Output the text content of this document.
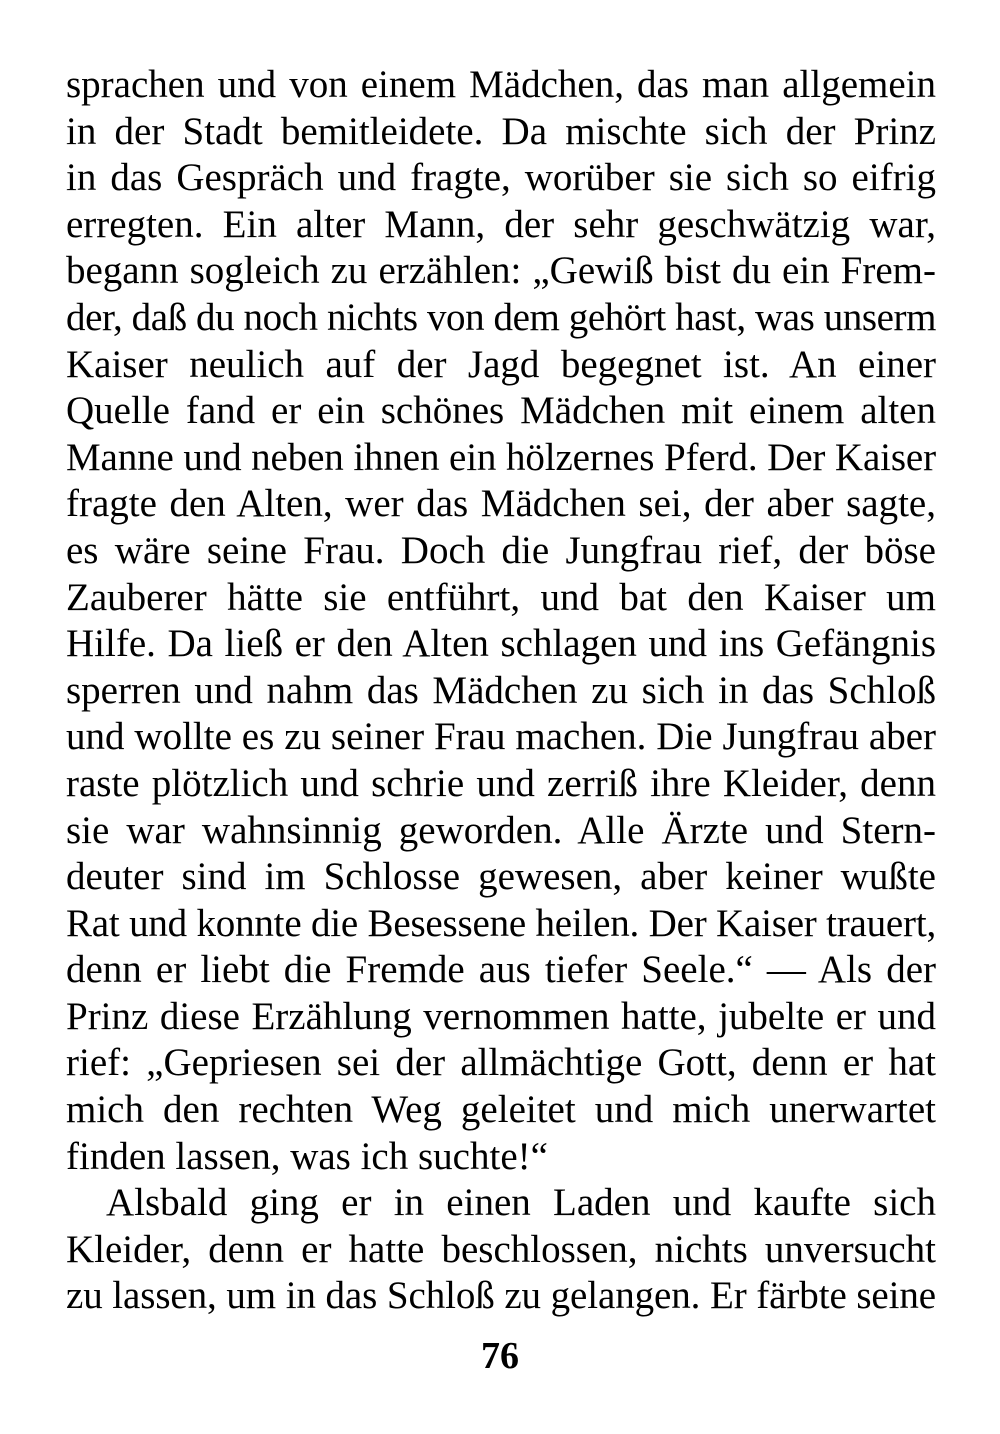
sprachen und von einem Mädchen, das man allgemein
in der Stadt bemitleidete. Da mischte sich der Prinz
in das Gespräch und fragte, worüber sie sich so eifrig
erregten. Ein alter Mann, der sehr geschwätzig war,
begann sogleich zu erzählen: „Gewiß bist du ein Frem-
der, daß du noch nichts von dem gehört hast, was unserm
Kaiser neulich auf der Jagd begegnet ist. An einer
Quelle fand er ein schönes Mädchen mit einem alten
Manne und neben ihnen ein hölzernes Pferd. Der Kaiser
fragte den Alten, wer das Mädchen sei, der aber sagte,
es wäre seine Frau. Doch die Jungfrau rief, der böse
Zauberer hätte sie entführt, und bat den Kaiser um
Hilfe. Da ließ er den Alten schlagen und ins Gefängnis
sperren und nahm das Mädchen zu sich in das Schloß
und wollte es zu seiner Frau machen. Die Jungfrau aber
raste plötzlich und schrie und zerriß ihre Kleider, denn
sie war wahnsinnig geworden. Alle Ärzte und Stern-
deuter sind im Schlosse gewesen, aber keiner wußte
Rat und konnte die Besessene heilen. Der Kaiser trauert,
denn er liebt die Fremde aus tiefer Seele.“ — Als der
Prinz diese Erzählung vernommen hatte, jubelte er und
rief: „Gepriesen sei der allmächtige Gott, denn er hat
mich den rechten Weg geleitet und mich unerwartet
finden lassen, was ich suchte!“
Alsbald ging er in einen Laden und kaufte sich
Kleider, denn er hatte beschlossen, nichts unversucht
zu lassen, um in das Schloß zu gelangen. Er färbte seine
76
